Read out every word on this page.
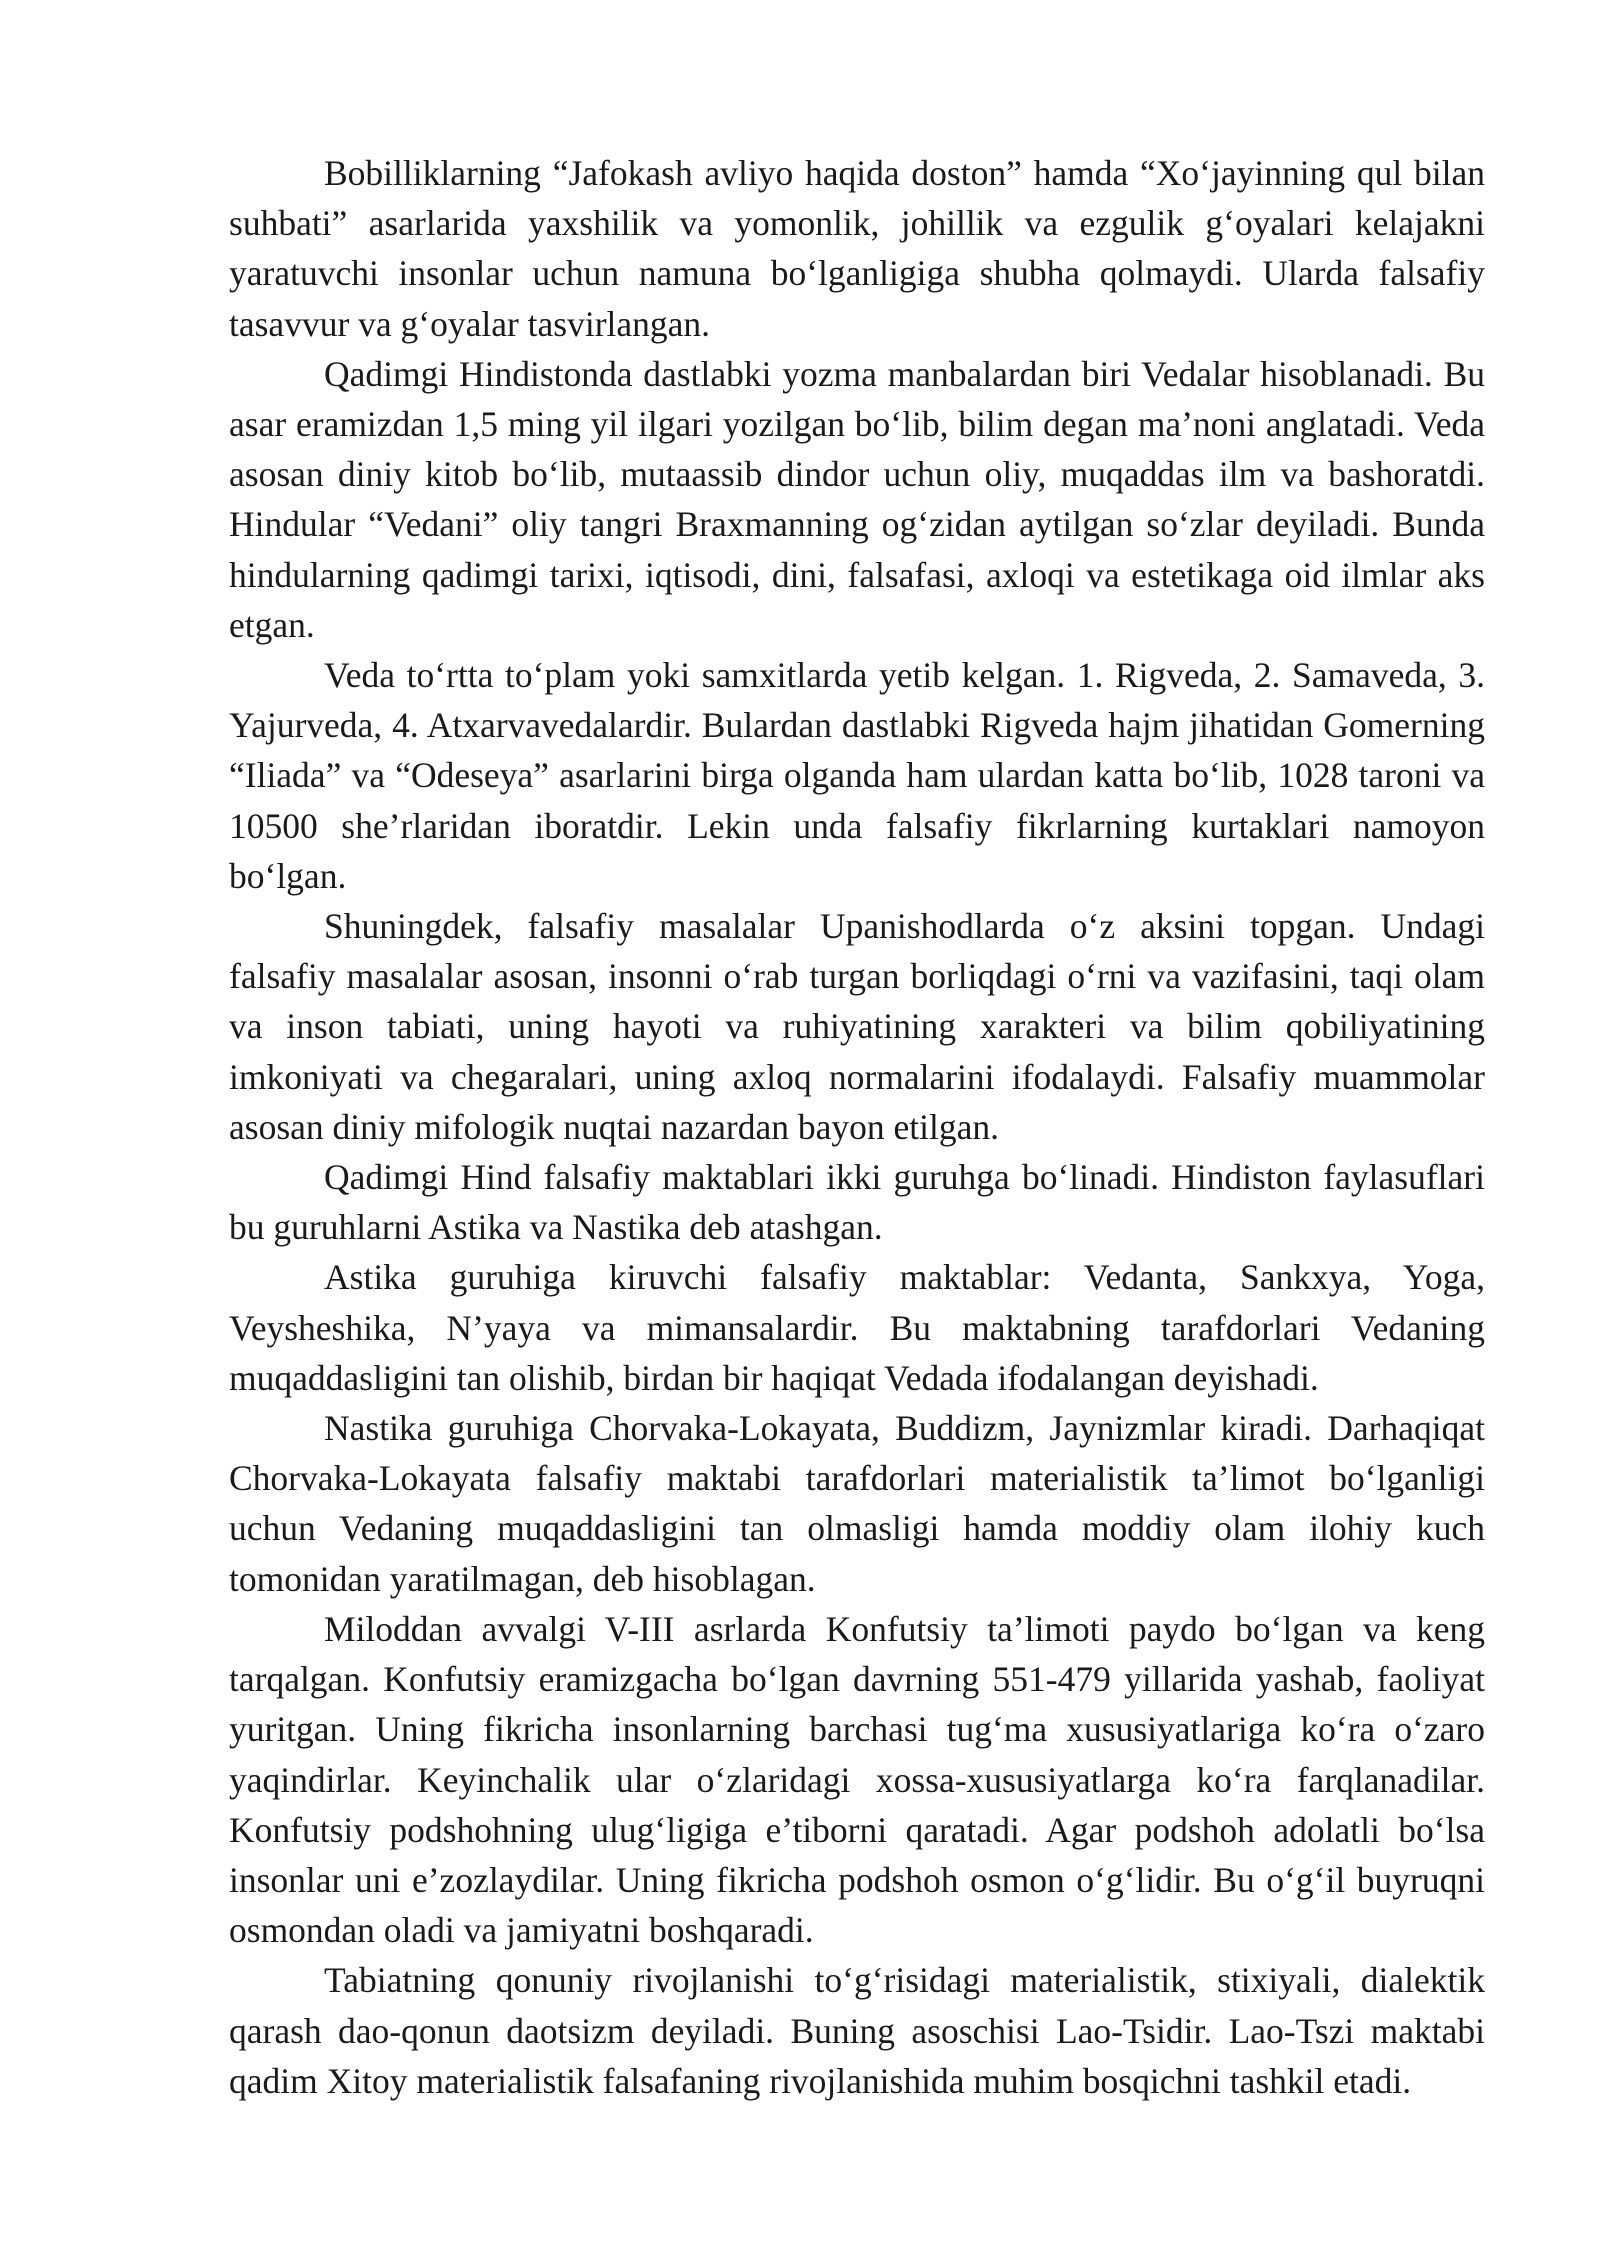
Bobilliklarning “Jafokash avliyo haqida doston” hamda “Xo‘jayinning qul bilan suhbati” asarlarida yaxshilik va yomonlik, johillik va ezgulik g‘oyalari kelajakni yaratuvchi insonlar uchun namuna bo‘lganligiga shubha qolmaydi. Ularda falsafiy tasavvur va g‘oyalar tasvirlangan.

Qadimgi Hindistonda dastlabki yozma manbalardan biri Vedalar hisoblanadi. Bu asar eramizdan 1,5 ming yil ilgari yozilgan bo‘lib, bilim degan ma’noni anglatadi. Veda asosan diniy kitob bo‘lib, mutaassib dindor uchun oliy, muqaddas ilm va bashoratdi. Hindular “Vedani” oliy tangri Braxmanning og‘zidan aytilgan so‘zlar deyiladi. Bunda hindularning qadimgi tarixi, iqtisodi, dini, falsafasi, axloqi va estetikaga oid ilmlar aks etgan.

Veda to‘rtta to‘plam yoki samxitlarda yetib kelgan. 1. Rigveda, 2. Samaveda, 3. Yajurveda, 4. Atxarvavedalardir. Bulardan dastlabki Rigveda hajm jihatidan Gomerning “Iliada” va “Odeseya” asarlarini birga olganda ham ulardan katta bo‘lib, 1028 taroni va 10500 she’rlaridan iboratdir. Lekin unda falsafiy fikrlarning kurtaklari namoyon bo‘lgan.

Shuningdek, falsafiy masalalar Upanishodlarda o‘z aksini topgan. Undagi falsafiy masalalar asosan, insonni o‘rab turgan borliqdagi o‘rni va vazifasini, taqi olam va inson tabiati, uning hayoti va ruhiyatining xarakteri va bilim qobiliyatining imkoniyati va chegaralari, uning axloq normalarini ifodalaydi. Falsafiy muammolar asosan diniy mifologik nuqtai nazardan bayon etilgan.

Qadimgi Hind falsafiy maktablari ikki guruhga bo‘linadi. Hindiston faylasuflari bu guruhlarni Astika va Nastika deb atashgan.

Astika guruhiga kiruvchi falsafiy maktablar: Vedanta, Sankxya, Yoga, Veysheshika, N’yaya va mimansalardir. Bu maktabning tarafdorlari Vedaning muqaddasligini tan olishib, birdan bir haqiqat Vedada ifodalangan deyishadi.

Nastika guruhiga Chorvaka-Lokayata, Buddizm, Jaynizmlar kiradi. Darhaqiqat Chorvaka-Lokayata falsafiy maktabi tarafdorlari materialistik ta’limot bo‘lganligi uchun Vedaning muqaddasligini tan olmasligi hamda moddiy olam ilohiy kuch tomonidan yaratilmagan, deb hisoblagan.

Miloddan avvalgi V-III asrlarda Konfutsiy ta’limoti paydo bo‘lgan va keng tarqalgan. Konfutsiy eramizgacha bo‘lgan davrning 551-479 yillarida yashab, faoliyat yuritgan. Uning fikricha insonlarning barchasi tug‘ma xususiyatlariga ko‘ra o‘zaro yaqindirlar. Keyinchalik ular o‘zlaridagi xossa-xususiyatlarga ko‘ra farqlanadilar. Konfutsiy podshohning ulug‘ligiga e’tiborni qaratadi. Agar podshoh adolatli bo‘lsa insonlar uni e’zozlaydilar. Uning fikricha podshoh osmon o‘g‘lidir. Bu o‘g‘il buyruqni osmondan oladi va jamiyatni boshqaradi.

Tabiatning qonuniy rivojlanishi to‘g‘risidagi materialistik, stixiyali, dialektik qarash dao-qonun daotsizm deyiladi. Buning asoschisi Lao-Tsidir. Lao-Tszi maktabi qadim Xitoy materialistik falsafaning rivojlanishida muhim bosqichni tashkil etadi.
